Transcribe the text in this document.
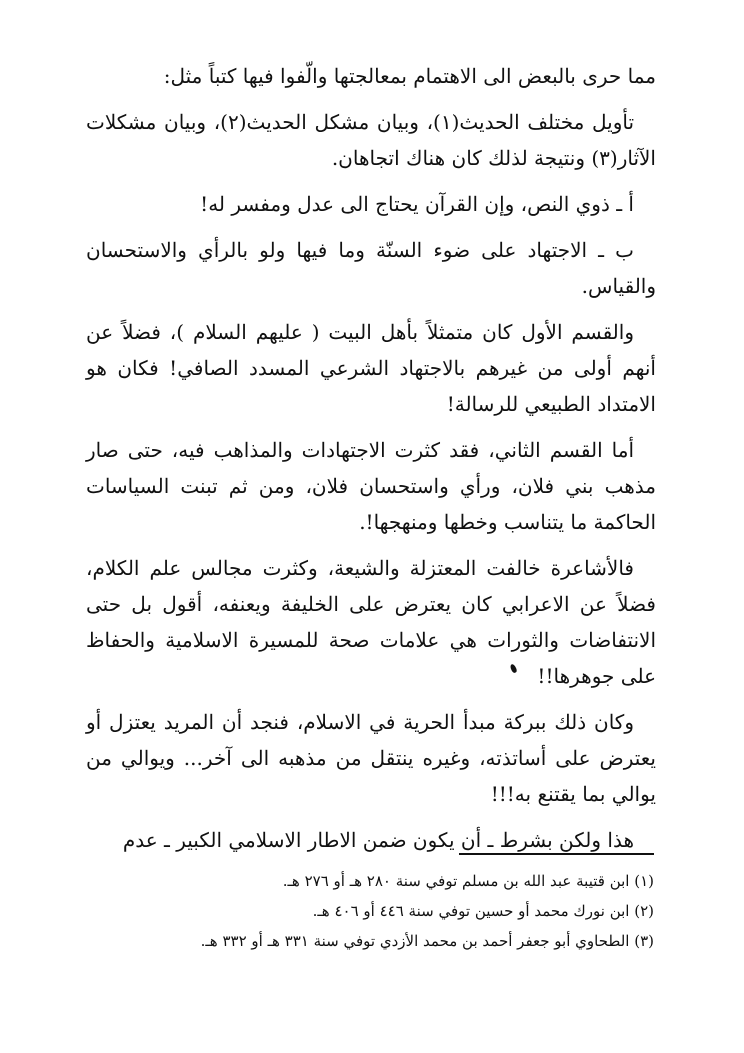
مما حرى بالبعض الى الاهتمام بمعالجتها والّفوا فيها كتباً مثل:

تأويل مختلف الحديث(١)، وبيان مشكل الحديث(٢)، وبيان مشكلات الآثار(٣) ونتيجة لذلك كان هناك اتجاهان.

أ ـ ذوي النص، وإن القرآن يحتاج الى عدل ومفسر له!

ب ـ الاجتهاد على ضوء السنّة وما فيها ولو بالرأي والاستحسان والقياس.

والقسم الأول كان متمثلاً بأهل البيت ( عليهم السلام )، فضلاً عن أنهم أولى من غيرهم بالاجتهاد الشرعي المسدد الصافي! فكان هو الامتداد الطبيعي للرسالة!

أما القسم الثاني، فقد كثرت الاجتهادات والمذاهب فيه، حتى صار مذهب بني فلان، ورأي واستحسان فلان، ومن ثم تبنت السياسات الحاكمة ما يتناسب وخطها ومنهجها!.

فالأشاعرة خالفت المعتزلة والشيعة، وكثرت مجالس علم الكلام، فضلاً عن الاعرابي كان يعترض على الخليفة ويعنفه، أقول بل حتى الانتفاضات والثورات هي علامات صحة للمسيرة الاسلامية والحفاظ على جوهرها!!

وكان ذلك ببركة مبدأ الحرية في الاسلام، فنجد أن المريد يعتزل أو يعترض على أساتذته، وغيره ينتقل من مذهبه الى آخر... ويوالي من يوالي بما يقتنع به!!!

هذا ولكن بشرط ـ أن يكون ضمن الاطار الاسلامي الكبير ـ عدم

(١) ابن قتيبة عبد الله بن مسلم توفي سنة ٢٨٠ هـ أو ٢٧٦ هـ.

(٢) ابن نورك محمد أو حسين توفي سنة ٤٤٦ أو ٤٠٦ هـ.

(٣) الطحاوي أبو جعفر أحمد بن محمد الأزدي توفي سنة ٣٣١ هـ أو ٣٣٢ هـ.
